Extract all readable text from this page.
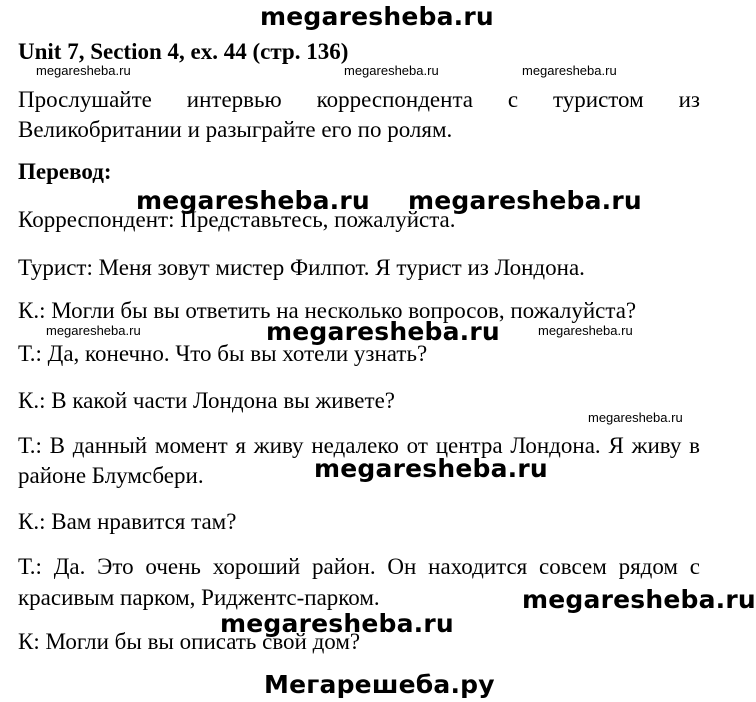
megaresheba.ru
Unit 7, Section 4, ex. 44 (стр. 136)
megaresheba.ru	megaresheba.ru	megaresheba.ru
Прослушайте интервью корреспондента с туристом из
Великобритании и разыграйте его по ролям.
Перевод:
megaresheba.ru megaresheba.ru
Корреспондент: Представьтесь, пожалуйста.
Турист: Меня зовут мистер Филпот. Я турист из Лондона.
К.: Могли бы вы ответить на несколько вопросов, пожалуйста?
megaresheba.ru	megaresheba.ru	megaresheba.ru
Т.: Да, конечно. Что бы вы хотели узнать?
К.: В какой части Лондона вы живете?
megaresheba.ru
Т.: В данный момент я живу недалеко от центра Лондона. Я живу в
megaresheba.ru
районе Блумсбери.
К.: Вам нравится там?
Т.: Да. Это очень хороший район. Он находится совсем рядом с
красивым парком, Риджентс-парком.	megaresheba.ru
megaresheba.ru
К: Могли бы вы описать свой дом?
Мегарешеба.ру
